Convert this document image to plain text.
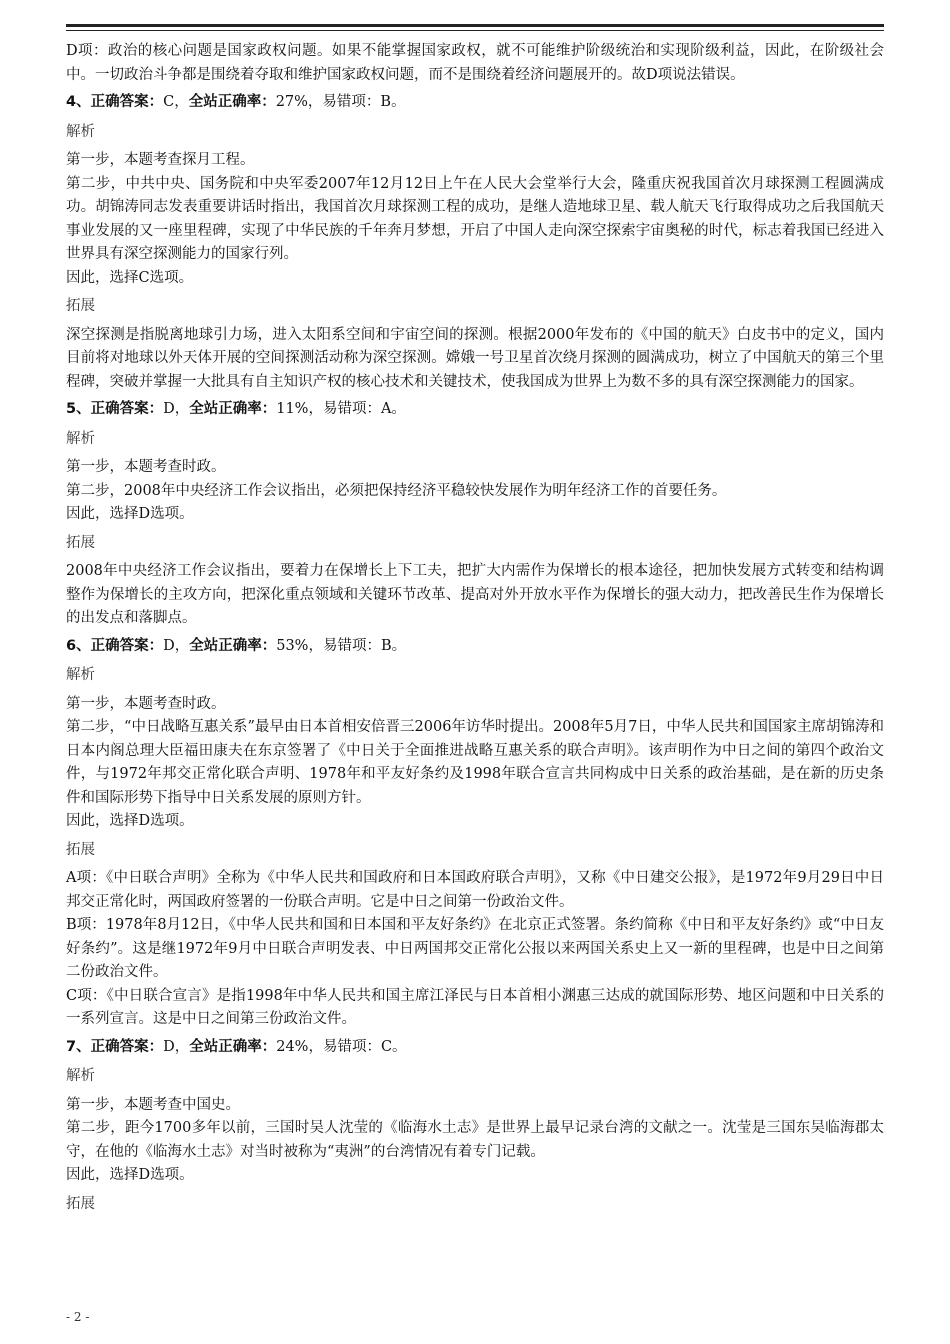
D项：政治的核心问题是国家政权问题。如果不能掌握国家政权，就不可能维护阶级统治和实现阶级利益，因此，在阶级社会中。一切政治斗争都是围绕着夺取和维护国家政权问题，而不是围绕着经济问题展开的。故D项说法错误。

4、正确答案：C，全站正确率：27%，易错项：B。

解析

第一步，本题考查探月工程。

第二步，中共中央、国务院和中央军委2007年12月12日上午在人民大会堂举行大会，隆重庆祝我国首次月球探测工程圆满成功。胡锦涛同志发表重要讲话时指出，我国首次月球探测工程的成功，是继人造地球卫星、载人航天飞行取得成功之后我国航天事业发展的又一座里程碑，实现了中华民族的千年奔月梦想，开启了中国人走向深空探索宇宙奥秘的时代，标志着我国已经进入世界具有深空探测能力的国家行列。

因此，选择C选项。

拓展

深空探测是指脱离地球引力场，进入太阳系空间和宇宙空间的探测。根据2000年发布的《中国的航天》白皮书中的定义，国内目前将对地球以外天体开展的空间探测活动称为深空探测。嫦娥一号卫星首次绕月探测的圆满成功，树立了中国航天的第三个里程碑，突破并掌握一大批具有自主知识产权的核心技术和关键技术，使我国成为世界上为数不多的具有深空探测能力的国家。

5、正确答案：D，全站正确率：11%，易错项：A。

解析

第一步，本题考查时政。

第二步，2008年中央经济工作会议指出，必须把保持经济平稳较快发展作为明年经济工作的首要任务。

因此，选择D选项。

拓展

2008年中央经济工作会议指出，要着力在保增长上下工夫，把扩大内需作为保增长的根本途径，把加快发展方式转变和结构调整作为保增长的主攻方向，把深化重点领域和关键环节改革、提高对外开放水平作为保增长的强大动力，把改善民生作为保增长的出发点和落脚点。

6、正确答案：D，全站正确率：53%，易错项：B。

解析

第一步，本题考查时政。

第二步，“中日战略互惠关系”最早由日本首相安倍晋三2006年访华时提出。2008年5月7日，中华人民共和国国家主席胡锦涛和日本内阁总理大臣福田康夫在东京签署了《中日关于全面推进战略互惠关系的联合声明》。该声明作为中日之间的第四个政治文件，与1972年邦交正常化联合声明、1978年和平友好条约及1998年联合宣言共同构成中日关系的政治基础，是在新的历史条件和国际形势下指导中日关系发展的原则方针。

因此，选择D选项。

拓展

A项：《中日联合声明》全称为《中华人民共和国政府和日本国政府联合声明》，又称《中日建交公报》，是1972年9月29日中日邦交正常化时，两国政府签署的一份联合声明。它是中日之间第一份政治文件。

B项：1978年8月12日，《中华人民共和国和日本国和平友好条约》在北京正式签署。条约简称《中日和平友好条约》或“中日友好条约”。这是继1972年9月中日联合声明发表、中日两国邦交正常化公报以来两国关系史上又一新的里程碑，也是中日之间第二份政治文件。

C项：《中日联合宣言》是指1998年中华人民共和国主席江泽民与日本首相小渊惠三达成的就国际形势、地区问题和中日关系的一系列宣言。这是中日之间第三份政治文件。

7、正确答案：D，全站正确率：24%，易错项：C。

解析

第一步，本题考查中国史。

第二步，距今1700多年以前，三国时吴人沈莹的《临海水土志》是世界上最早记录台湾的文献之一。沈莹是三国东吴临海郡太守，在他的《临海水土志》对当时被称为“夷洲”的台湾情况有着专门记载。

因此，选择D选项。

拓展

- 2 -
